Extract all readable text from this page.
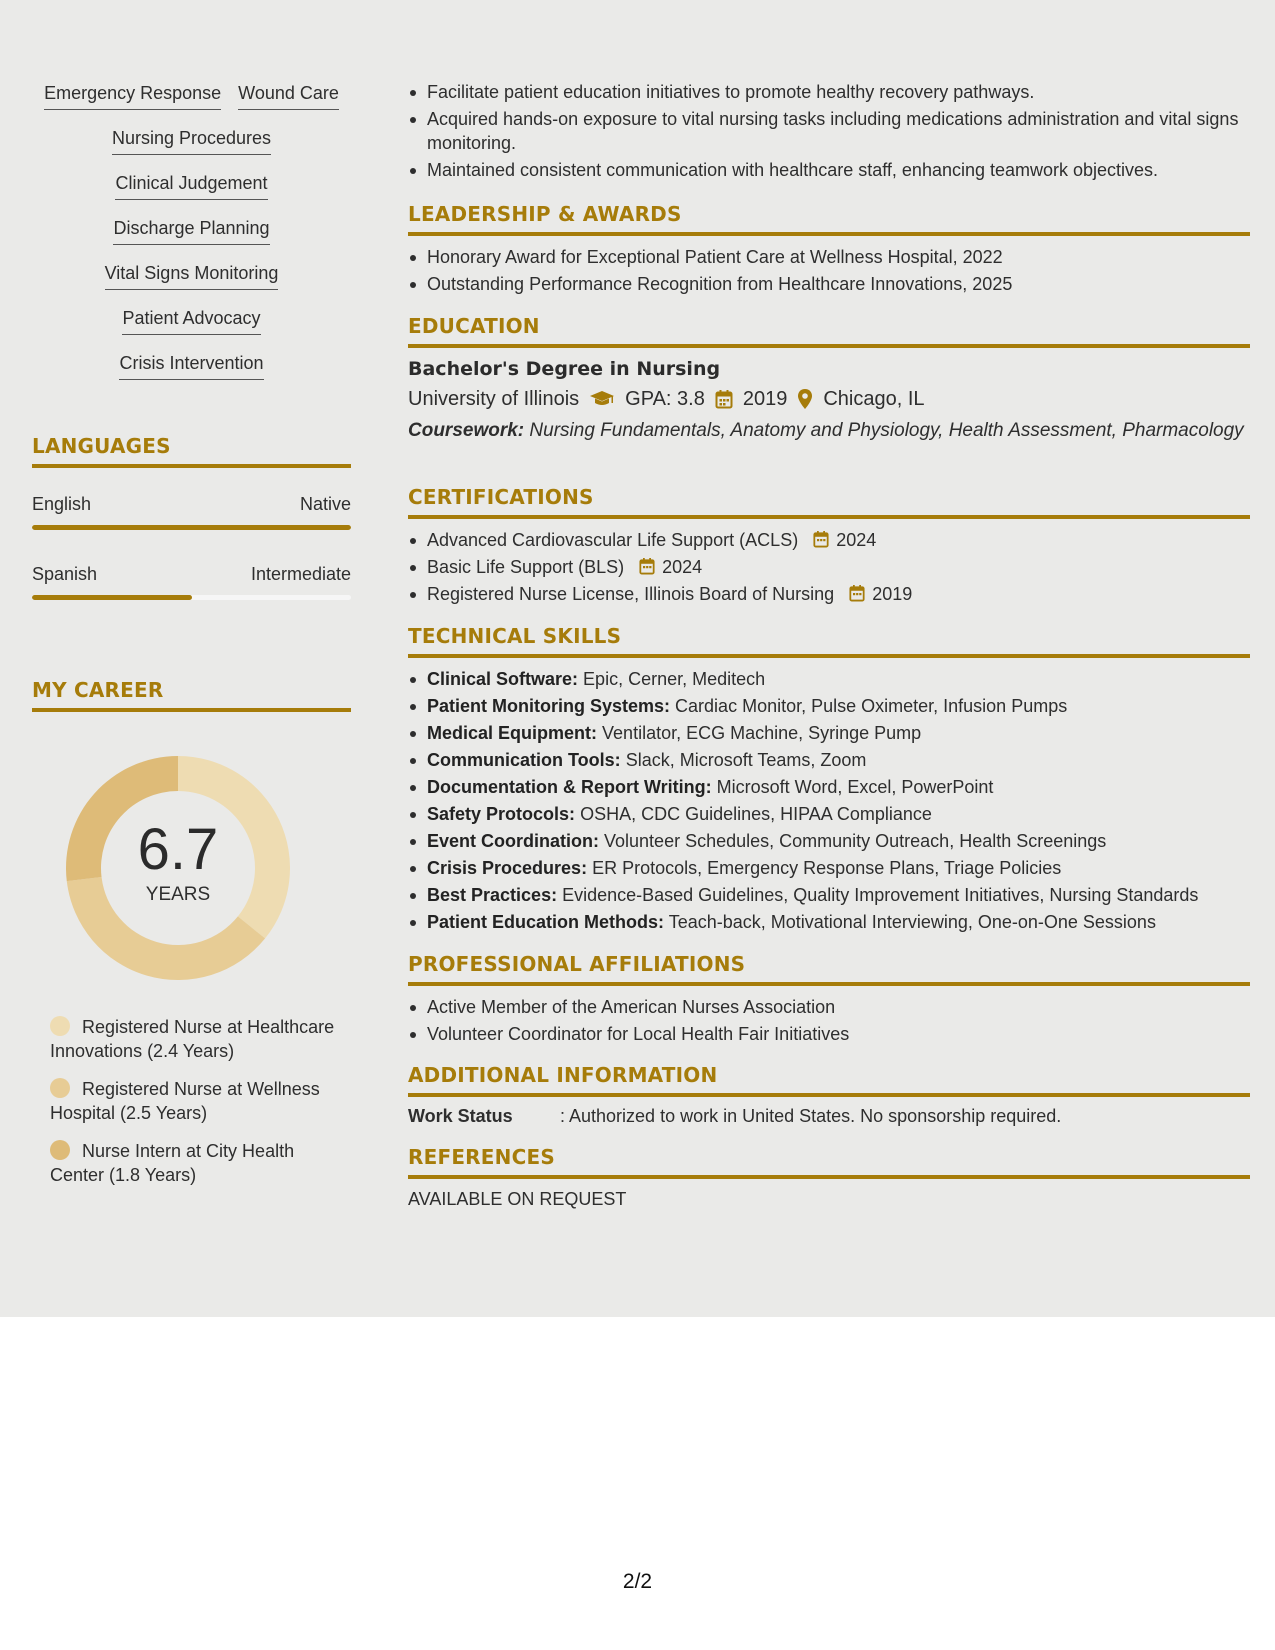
Emergency Response Wound Care
Nursing Procedures
Clinical Judgement
Discharge Planning
Vital Signs Monitoring
Patient Advocacy
Crisis Intervention
LANGUAGES
English	Native
Spanish	Intermediate
MY CAREER
6.7
YEARS
Registered Nurse at Healthcare Innovations (2.4 Years)
Registered Nurse at Wellness Hospital (2.5 Years)
Nurse Intern at City Health Center (1.8 Years)
Facilitate patient education initiatives to promote healthy recovery pathways.
Acquired hands-on exposure to vital nursing tasks including medications administration and vital signs monitoring.
Maintained consistent communication with healthcare staff, enhancing teamwork objectives.
LEADERSHIP & AWARDS
Honorary Award for Exceptional Patient Care at Wellness Hospital, 2022
Outstanding Performance Recognition from Healthcare Innovations, 2025
EDUCATION
Bachelor's Degree in Nursing
University of Illinois GPA: 3.8 2019 Chicago, IL
Coursework: Nursing Fundamentals, Anatomy and Physiology, Health Assessment, Pharmacology
CERTIFICATIONS
Advanced Cardiovascular Life Support (ACLS) 2024
Basic Life Support (BLS) 2024
Registered Nurse License, Illinois Board of Nursing 2019
TECHNICAL SKILLS
Clinical Software: Epic, Cerner, Meditech
Patient Monitoring Systems: Cardiac Monitor, Pulse Oximeter, Infusion Pumps
Medical Equipment: Ventilator, ECG Machine, Syringe Pump
Communication Tools: Slack, Microsoft Teams, Zoom
Documentation & Report Writing: Microsoft Word, Excel, PowerPoint
Safety Protocols: OSHA, CDC Guidelines, HIPAA Compliance
Event Coordination: Volunteer Schedules, Community Outreach, Health Screenings
Crisis Procedures: ER Protocols, Emergency Response Plans, Triage Policies
Best Practices: Evidence-Based Guidelines, Quality Improvement Initiatives, Nursing Standards
Patient Education Methods: Teach-back, Motivational Interviewing, One-on-One Sessions
PROFESSIONAL AFFILIATIONS
Active Member of the American Nurses Association
Volunteer Coordinator for Local Health Fair Initiatives
ADDITIONAL INFORMATION
Work Status	: Authorized to work in United States. No sponsorship required.
REFERENCES
AVAILABLE ON REQUEST
2/2
